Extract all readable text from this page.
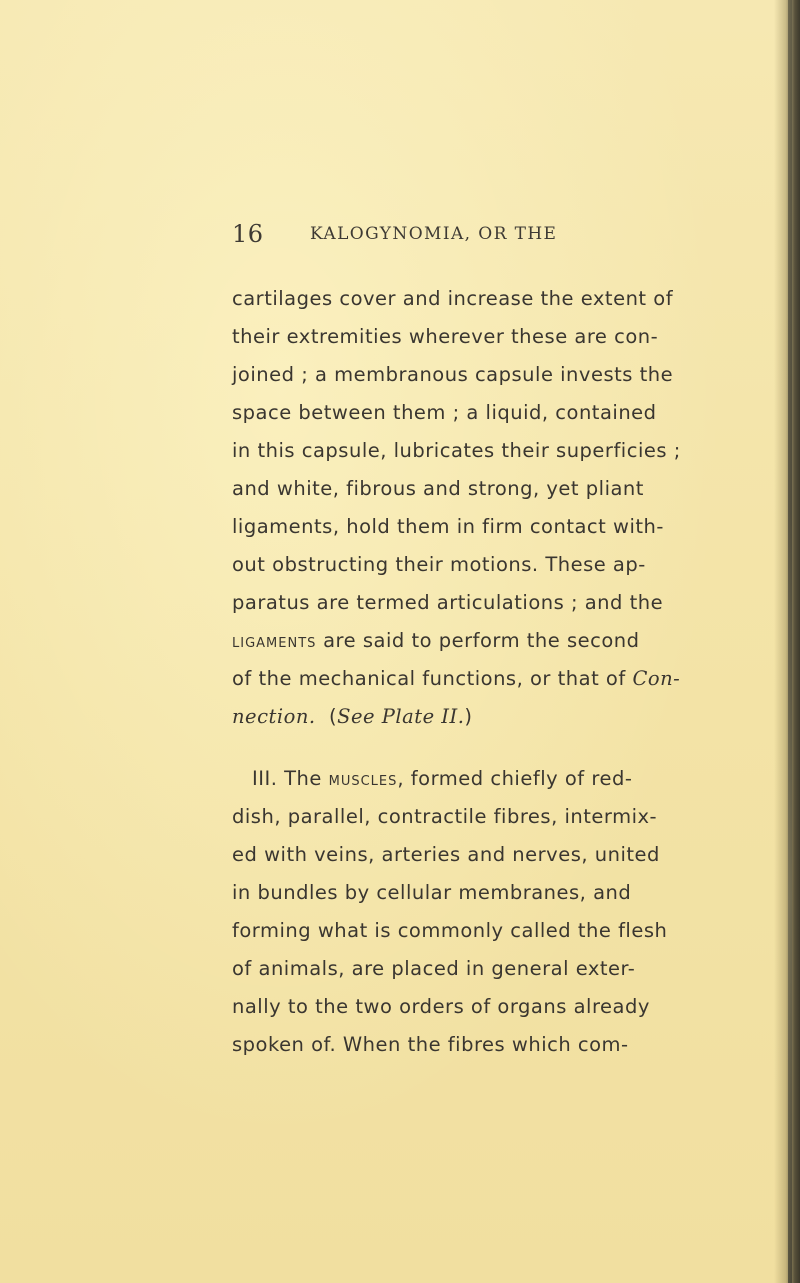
16	KALOGYNOMIA, OR THE
cartilages cover and increase the extent of
their extremities wherever these are con-
joined ; a membranous capsule invests the
space between them ; a liquid, contained
in this capsule, lubricates their superficies ;
and white, fibrous and strong, yet pliant
ligaments, hold them in firm contact with-
out obstructing their motions. These ap-
paratus are termed articulations ; and the
ligaments are said to perform the second
of the mechanical functions, or that of Con-
nection.  (See Plate II.)
III. The muscles, formed chiefly of red-
dish, parallel, contractile fibres, intermix-
ed with veins, arteries and nerves, united
in bundles by cellular membranes, and
forming what is commonly called the flesh
of animals, are placed in general exter-
nally to the two orders of organs already
spoken of. When the fibres which com-
